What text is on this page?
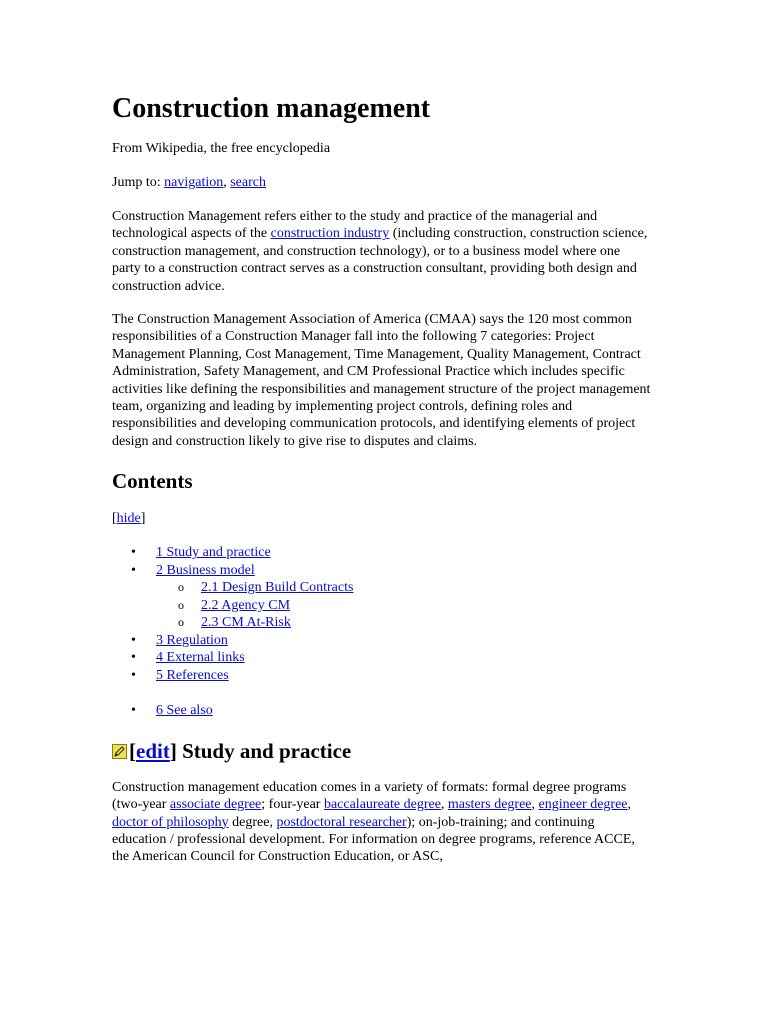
Construction management

From Wikipedia, the free encyclopedia

Jump to: navigation, search

Construction Management refers either to the study and practice of the managerial and technological aspects of the construction industry (including construction, construction science, construction management, and construction technology), or to a business model where one party to a construction contract serves as a construction consultant, providing both design and construction advice.

The Construction Management Association of America (CMAA) says the 120 most common responsibilities of a Construction Manager fall into the following 7 categories: Project Management Planning, Cost Management, Time Management, Quality Management, Contract Administration, Safety Management, and CM Professional Practice which includes specific activities like defining the responsibilities and management structure of the project management team, organizing and leading by implementing project controls, defining roles and responsibilities and developing communication protocols, and identifying elements of project design and construction likely to give rise to disputes and claims.

Contents

[hide]

• 1 Study and practice
• 2 Business model
o 2.1 Design Build Contracts
o 2.2 Agency CM
o 2.3 CM At-Risk
• 3 Regulation
• 4 External links
• 5 References
• 6 See also
[ edit ] Study and practice

Construction management education comes in a variety of formats: formal degree programs (two-year associate degree; four-year baccalaureate degree, masters degree, engineer degree, doctor of philosophy degree, postdoctoral researcher); on-job-training; and continuing education / professional development. For information on degree programs, reference ACCE, the American Council for Construction Education, or ASC,
